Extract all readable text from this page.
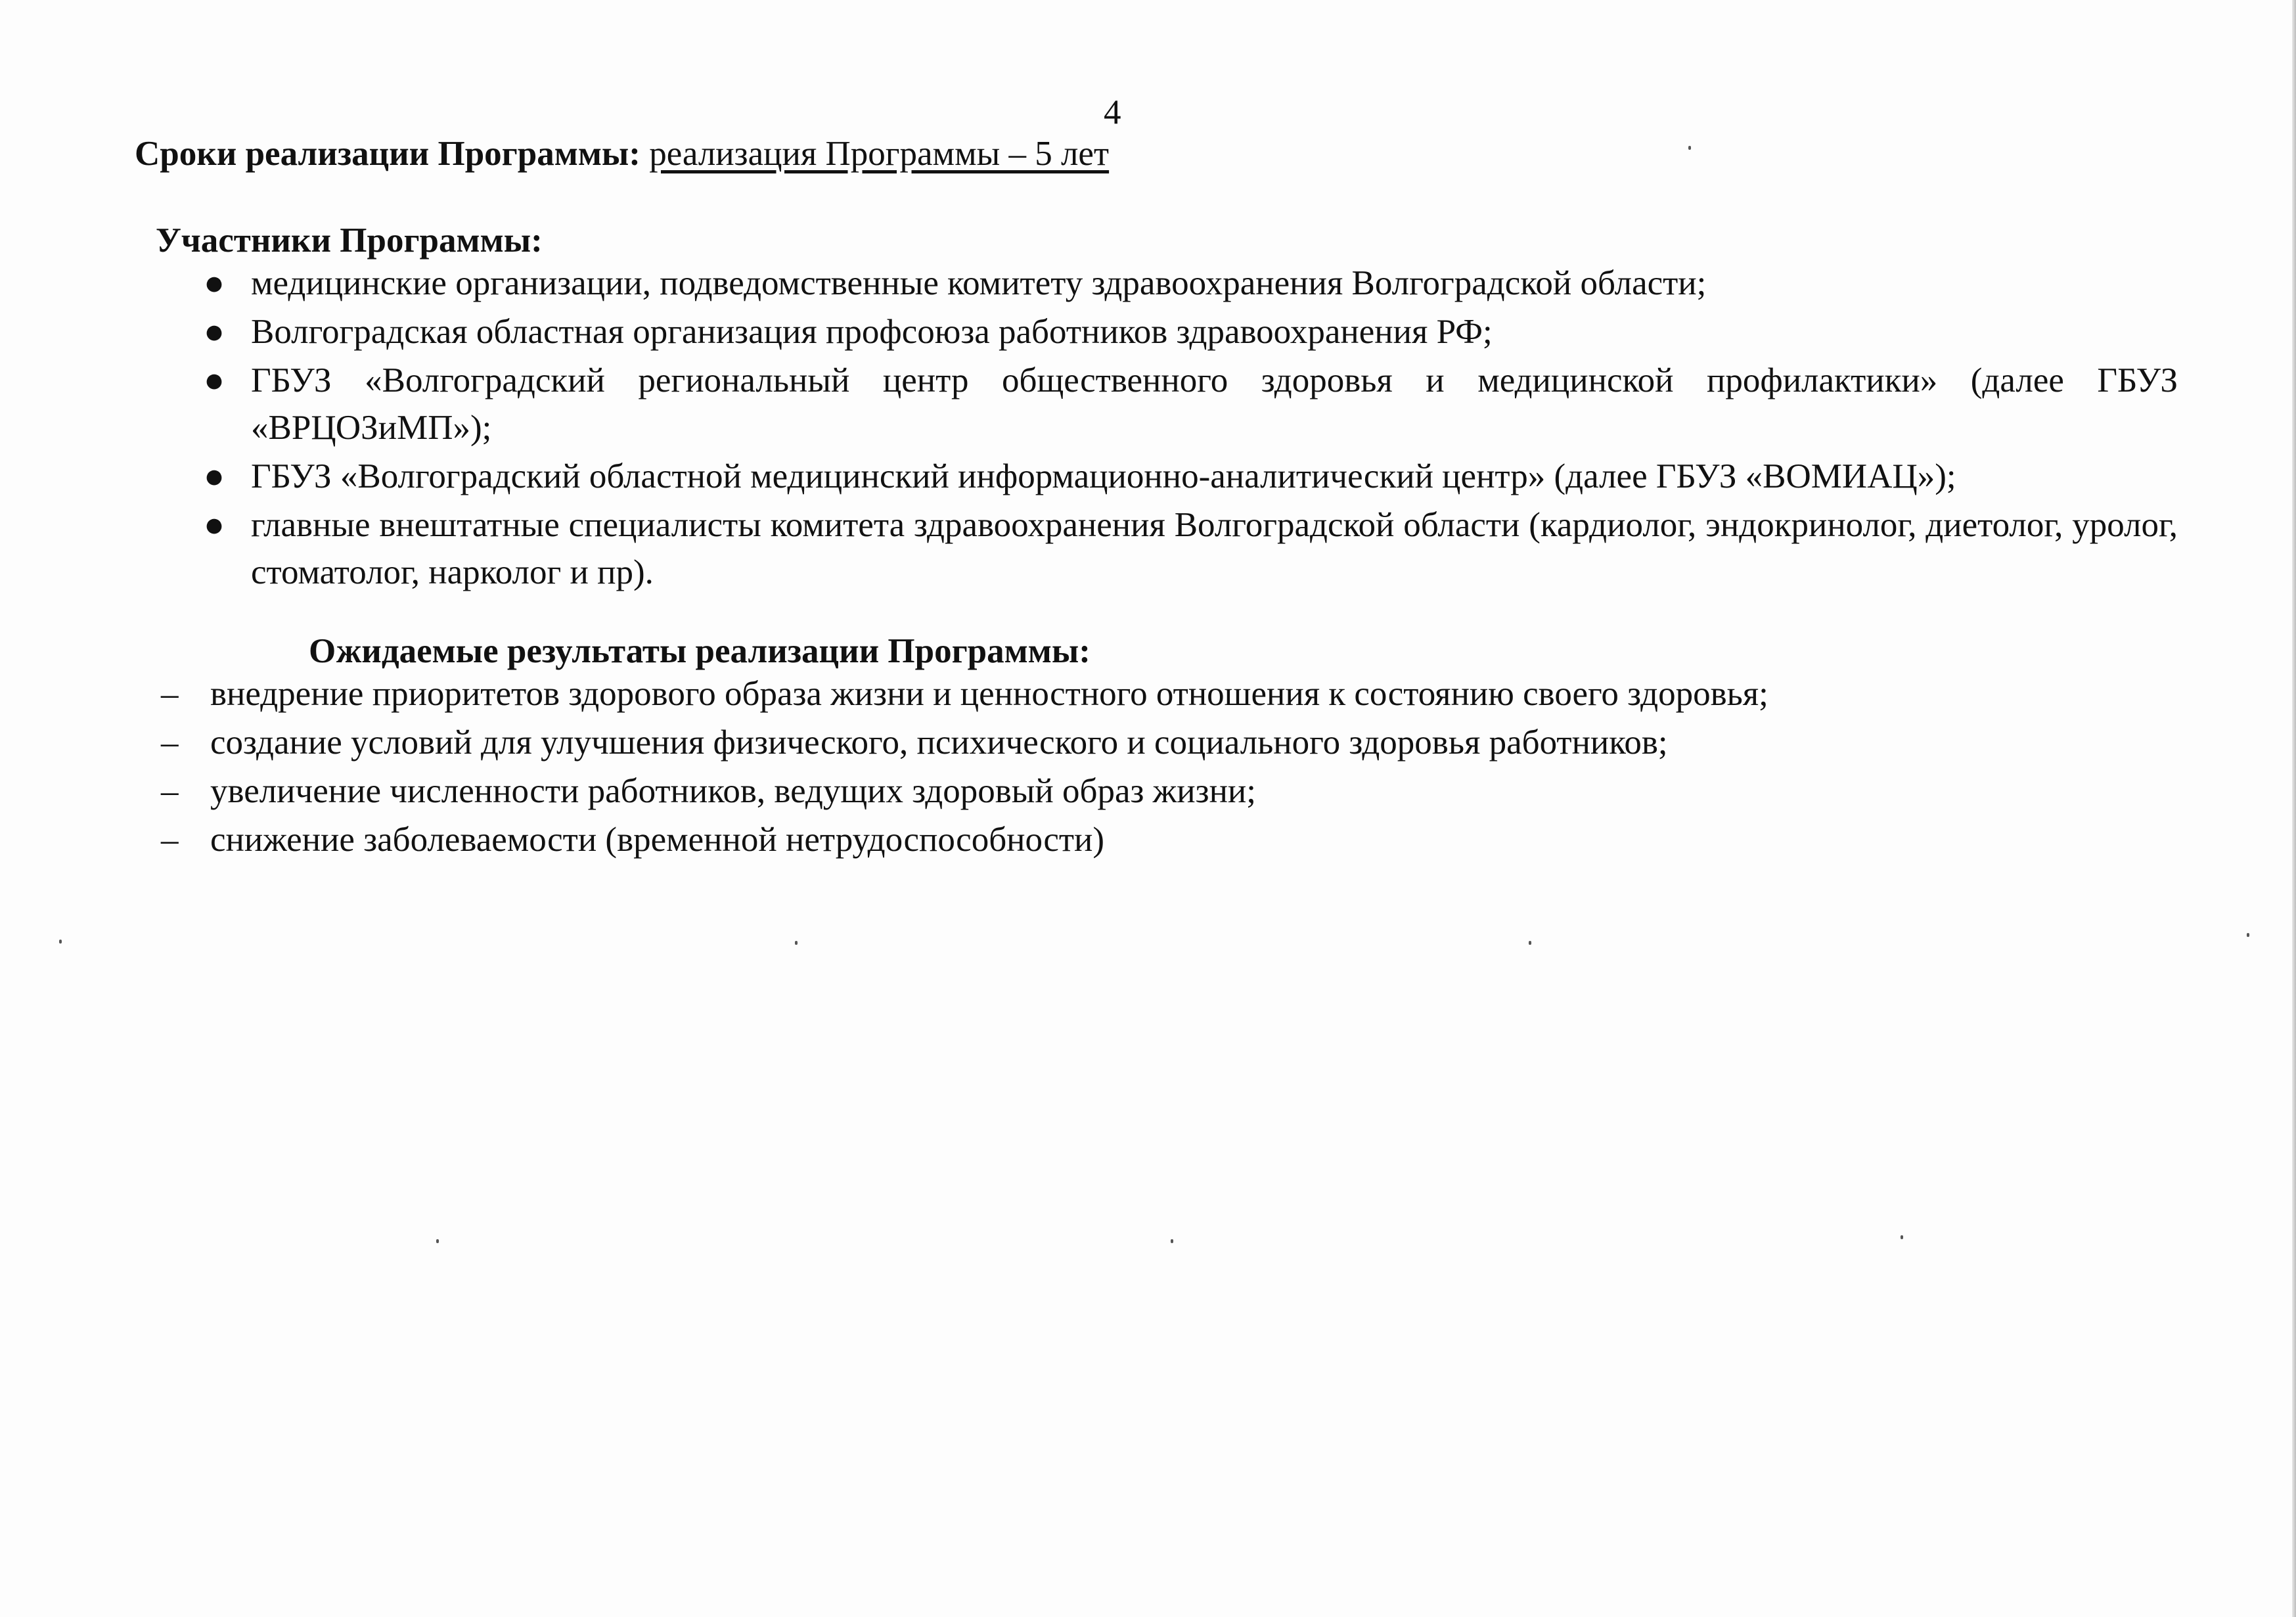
4
Сроки реализации Программы: реализация Программы – 5 лет
Участники Программы:
● медицинские организации, подведомственные комитету здравоохранения Волгоградской области;
● Волгоградская областная организация профсоюза работников здравоохранения РФ;
● ГБУЗ «Волгоградский региональный центр общественного здоровья и медицинской профилактики» (далее ГБУЗ «ВРЦОЗиМП»);
● ГБУЗ «Волгоградский областной медицинский информационно-аналитический центр» (далее ГБУЗ «ВОМИАЦ»);
● главные внештатные специалисты комитета здравоохранения Волгоградской области (кардиолог, эндокринолог, диетолог, уролог, стоматолог, нарколог и пр).
Ожидаемые результаты реализации Программы:
– внедрение приоритетов здорового образа жизни и ценностного отношения к состоянию своего здоровья;
– создание условий для улучшения физического, психического и социального здоровья работников;
– увеличение численности работников, ведущих здоровый образ жизни;
– снижение заболеваемости (временной нетрудоспособности)
